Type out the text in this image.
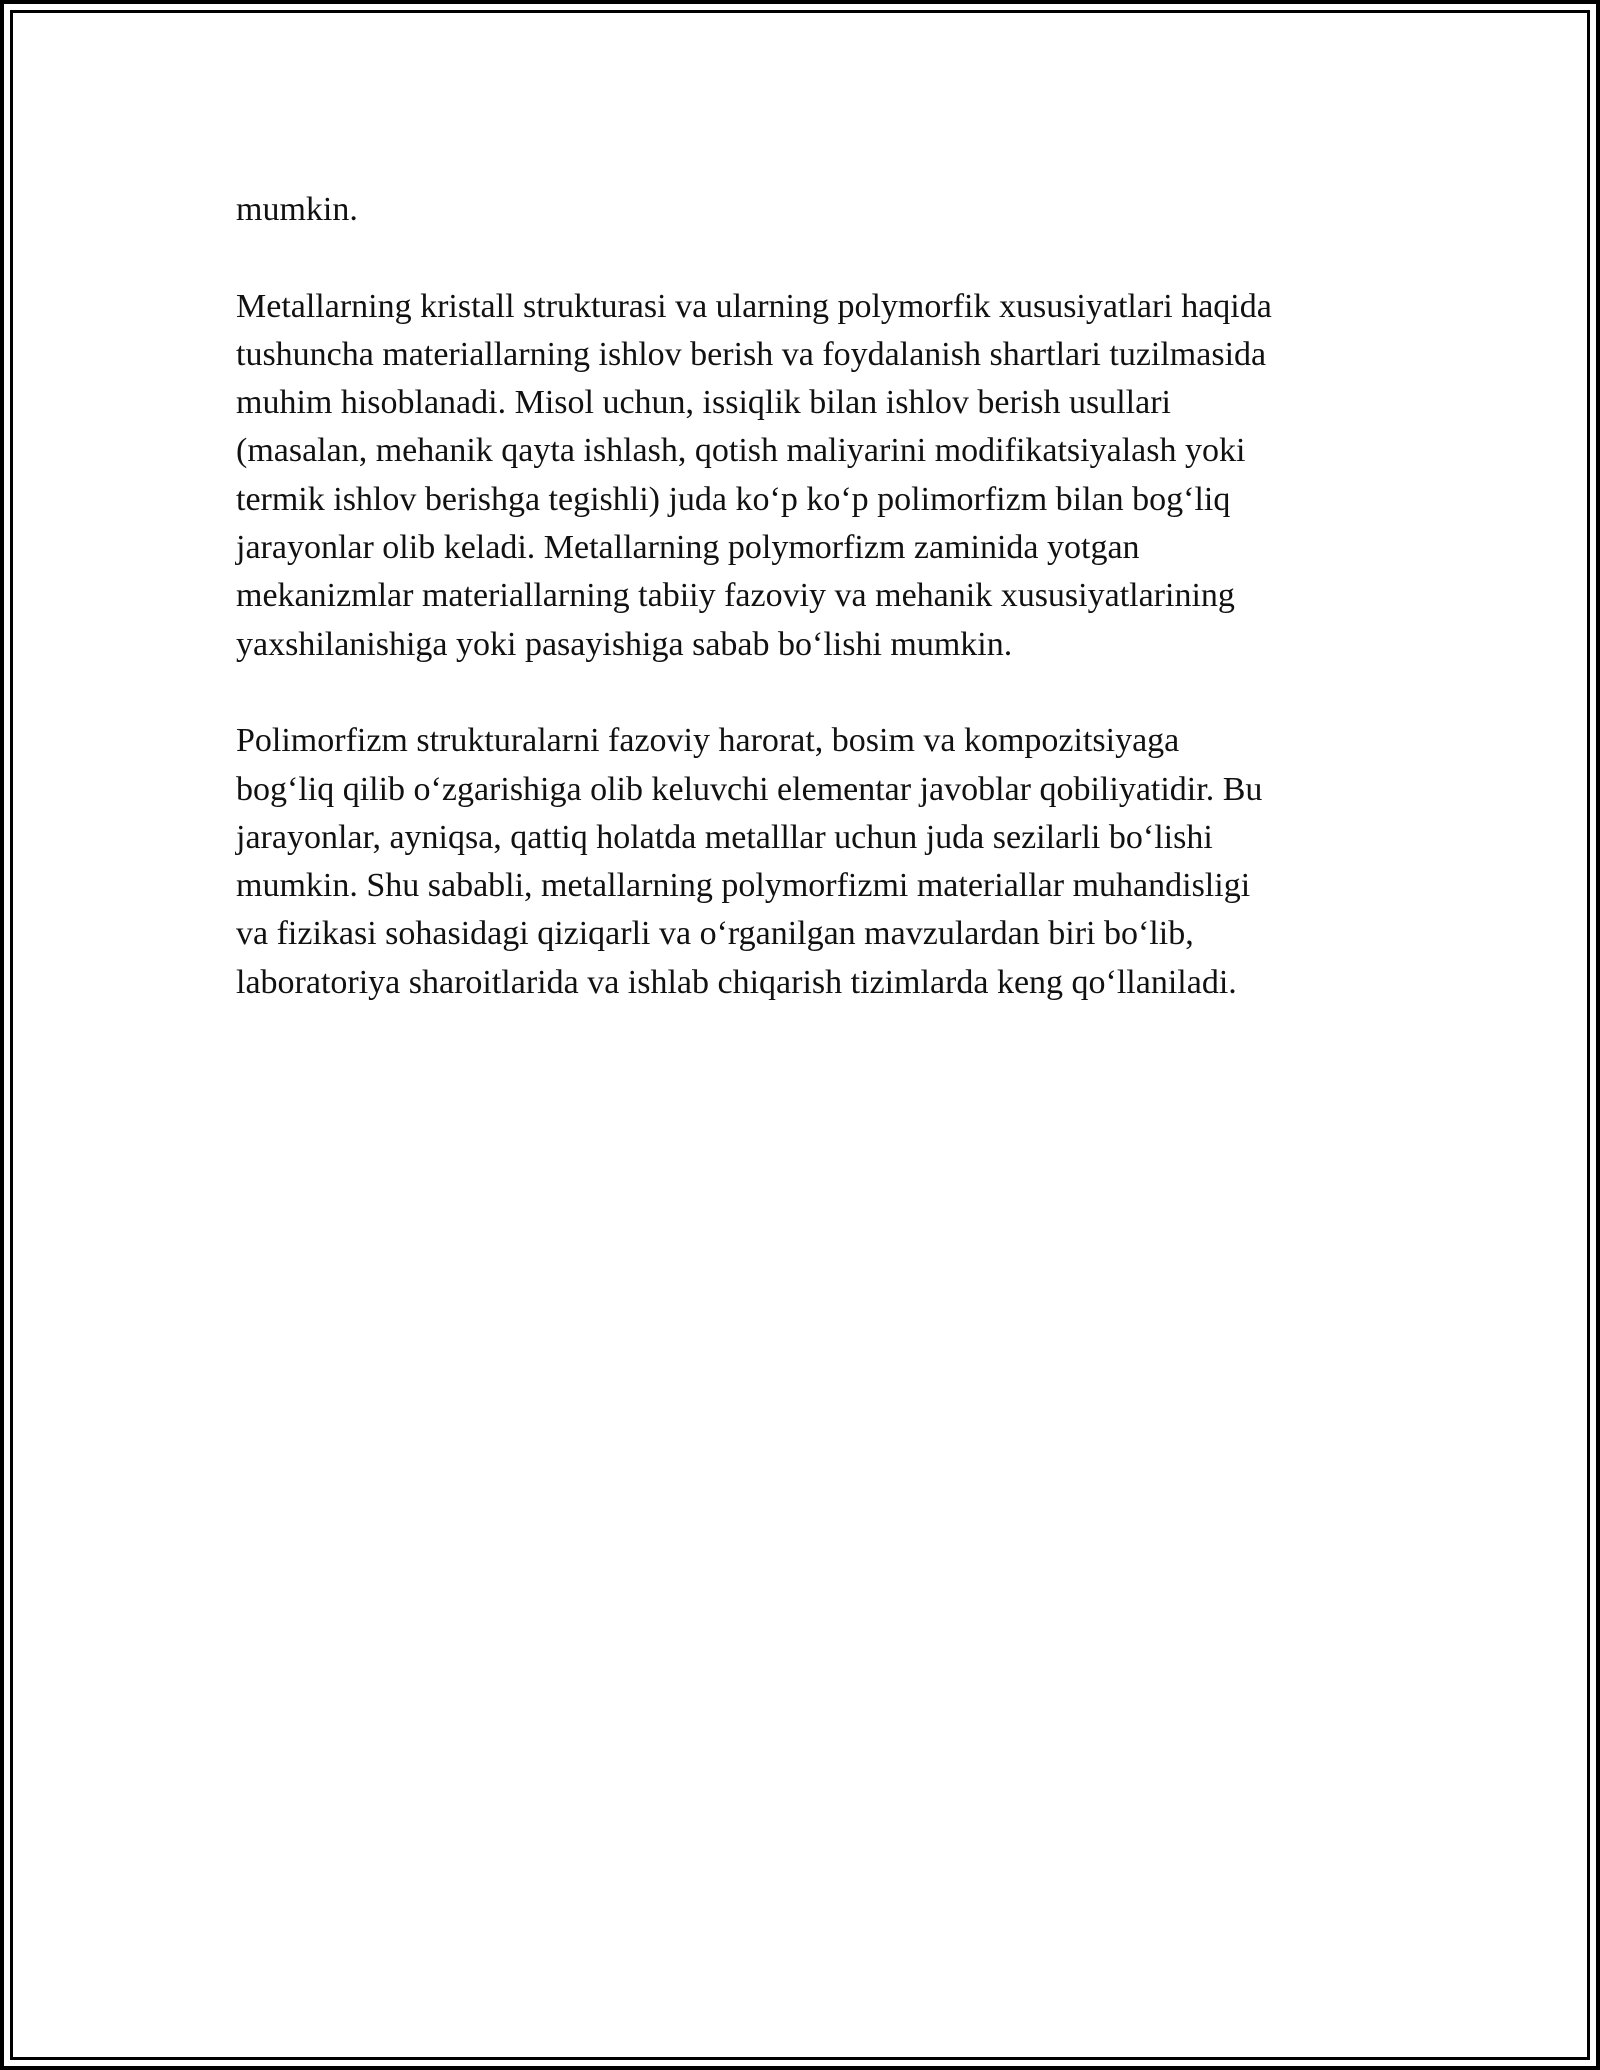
mumkin.

Metallarning kristall strukturasi va ularning polymorfik xususiyatlari haqida
tushuncha materiallarning ishlov berish va foydalanish shartlari tuzilmasida
muhim hisoblanadi. Misol uchun, issiqlik bilan ishlov berish usullari
(masalan, mehanik qayta ishlash, qotish maliyarini modifikatsiyalash yoki
termik ishlov berishga tegishli) juda ko‘p ko‘p polimorfizm bilan bog‘liq
jarayonlar olib keladi. Metallarning polymorfizm zaminida yotgan
mekanizmlar materiallarning tabiiy fazoviy va mehanik xususiyatlarining
yaxshilanishiga yoki pasayishiga sabab bo‘lishi mumkin.

Polimorfizm strukturalarni fazoviy harorat, bosim va kompozitsiyaga
bog‘liq qilib o‘zgarishiga olib keluvchi elementar javoblar qobiliyatidir. Bu
jarayonlar, ayniqsa, qattiq holatda metalllar uchun juda sezilarli bo‘lishi
mumkin. Shu sababli, metallarning polymorfizmi materiallar muhandisligi
va fizikasi sohasidagi qiziqarli va o‘rganilgan mavzulardan biri bo‘lib,
laboratoriya sharoitlarida va ishlab chiqarish tizimlarda keng qo‘llaniladi.
